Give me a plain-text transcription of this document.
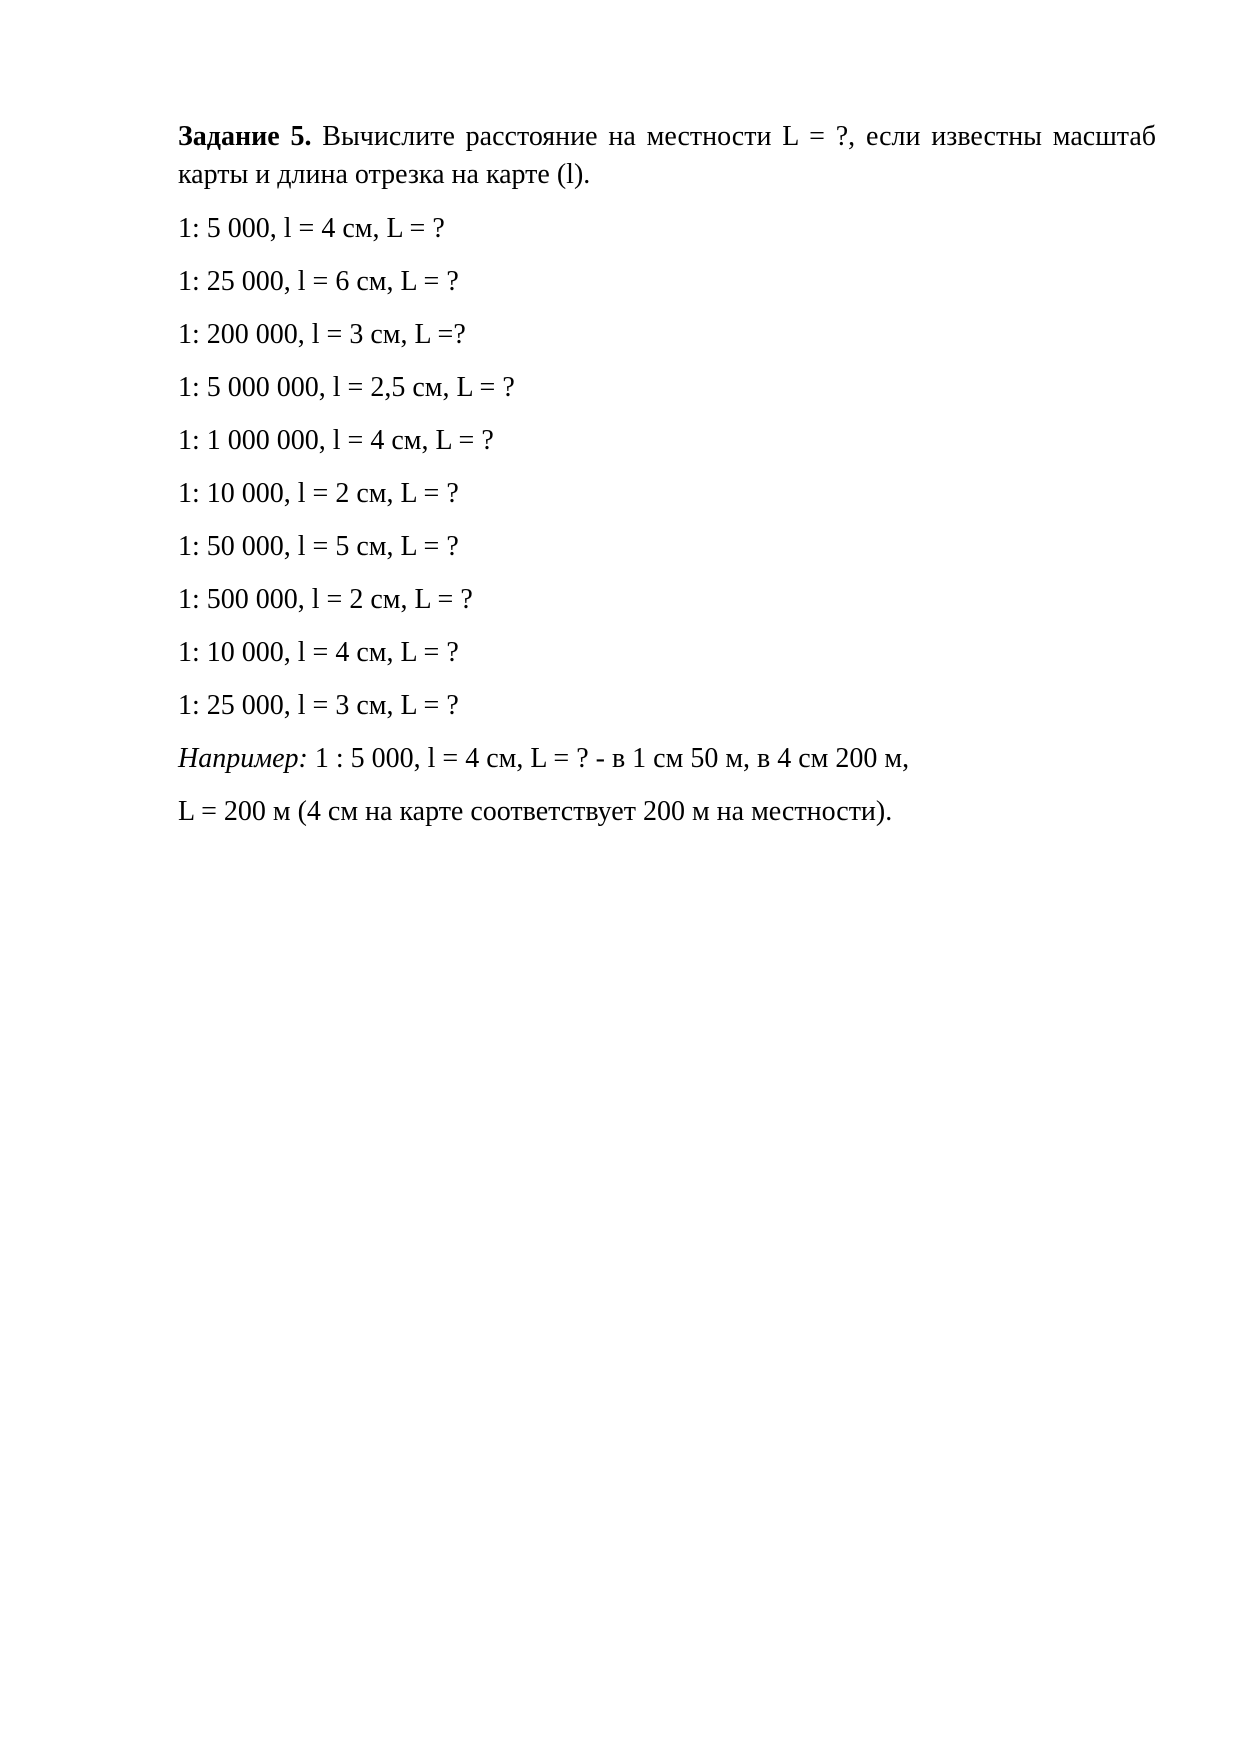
Задание 5. Вычислите расстояние на местности L = ?, если известны масштаб карты и длина отрезка на карте (l).

1: 5 000, l = 4 см, L = ?
1: 25 000, l = 6 см, L = ?
1: 200 000, l = 3 см, L =?
1: 5 000 000, l = 2,5 см, L = ?
1: 1 000 000, l = 4 см, L = ?
1: 10 000, l = 2 см, L = ?
1: 50 000, l = 5 см, L = ?
1: 500 000, l = 2 см, L = ?
1: 10 000, l = 4 см, L = ?
1: 25 000, l = 3 см, L = ?
Например: 1 : 5 000, l = 4 см, L = ? - в 1 см 50 м, в 4 см 200 м,
L = 200 м (4 см на карте соответствует 200 м на местности).
